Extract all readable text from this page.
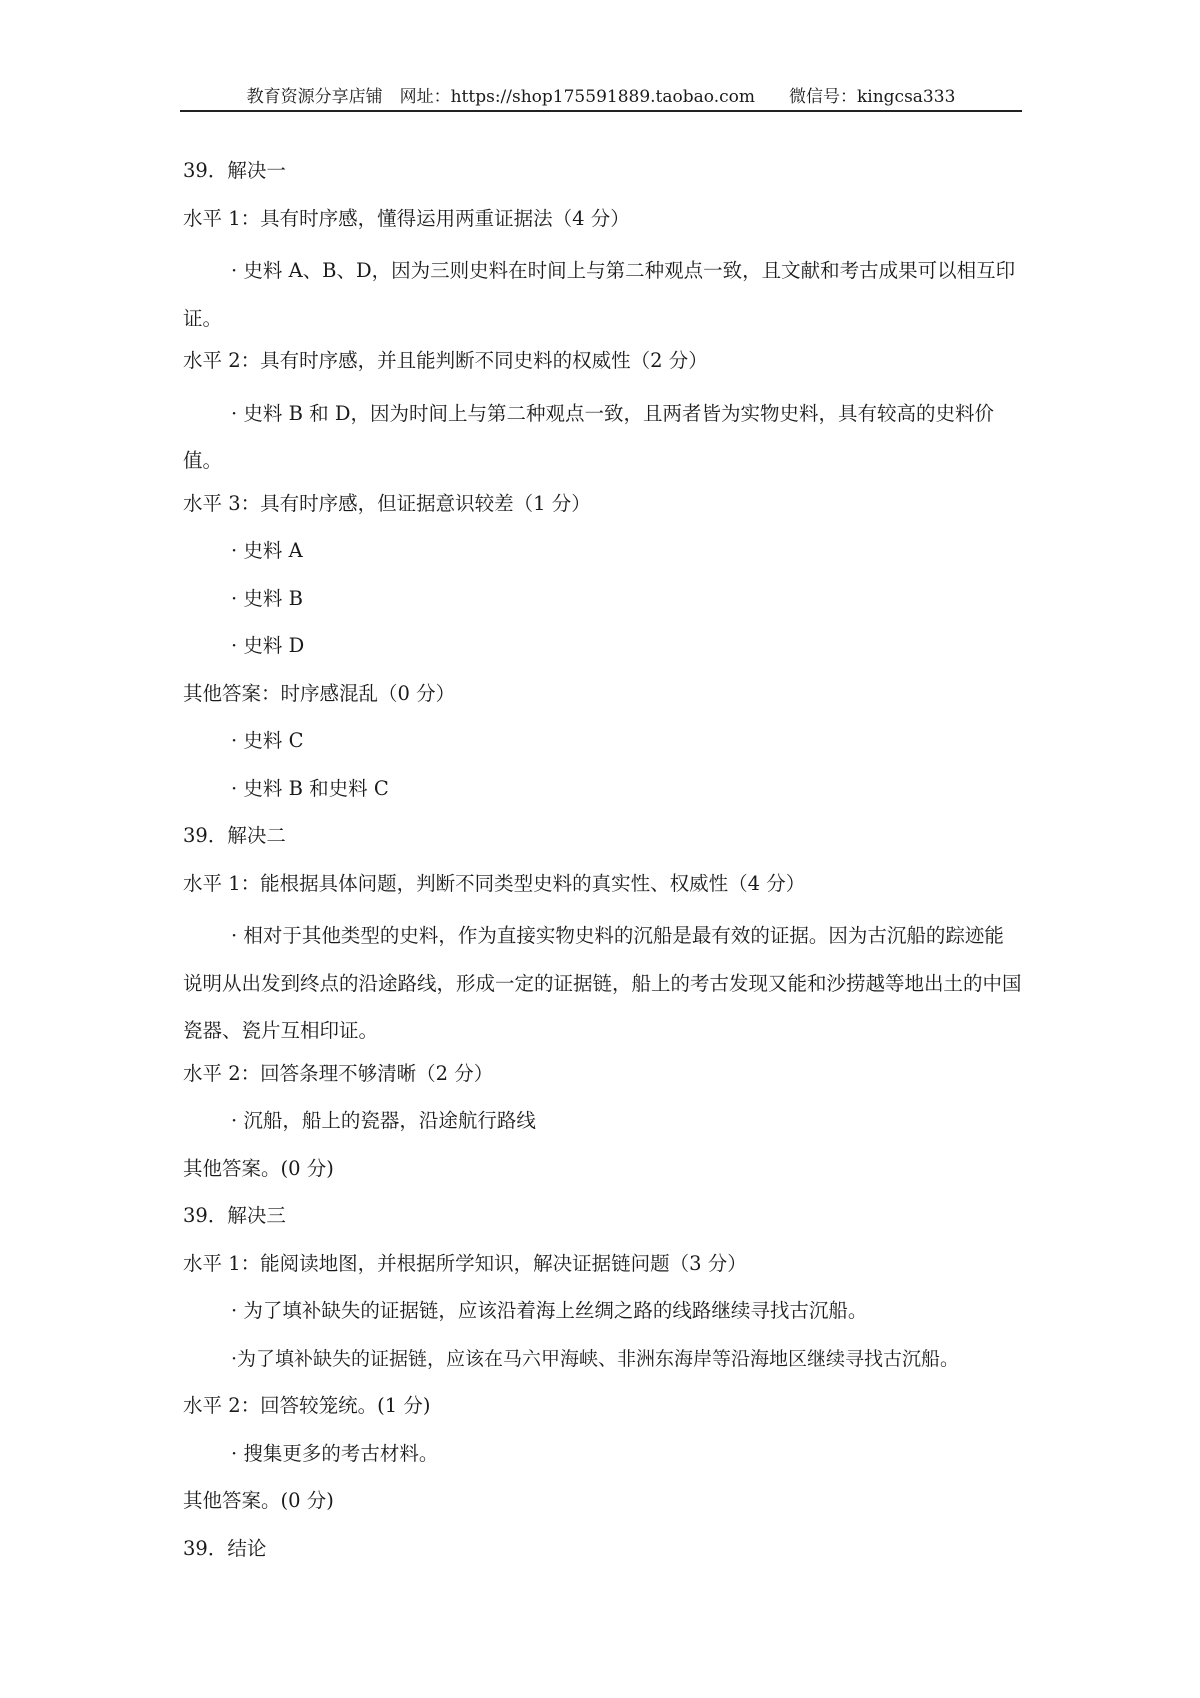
教育资源分享店铺　网址：https://shop175591889.taobao.com　　微信号：kingcsa333
39．解决一
水平 1：具有时序感，懂得运用两重证据法（4 分）

· 史料 A、B、D，因为三则史料在时间上与第二种观点一致，且文献和考古成果可以相互印证。

水平 2：具有时序感，并且能判断不同史料的权威性（2 分）

· 史料 B 和 D，因为时间上与第二种观点一致，且两者皆为实物史料，具有较高的史料价值。

水平 3：具有时序感，但证据意识较差（1 分）
· 史料 A
· 史料 B
· 史料 D
其他答案：时序感混乱（0 分）
· 史料 C
· 史料 B 和史料 C
39．解决二
水平 1：能根据具体问题，判断不同类型史料的真实性、权威性（4 分）

· 相对于其他类型的史料，作为直接实物史料的沉船是最有效的证据。因为古沉船的踪迹能说明从出发到终点的沿途路线，形成一定的证据链，船上的考古发现又能和沙捞越等地出土的中国瓷器、瓷片互相印证。

水平 2：回答条理不够清晰（2 分）
· 沉船，船上的瓷器，沿途航行路线
其他答案。(0 分)
39．解决三
水平 1：能阅读地图，并根据所学知识，解决证据链问题（3 分）
· 为了填补缺失的证据链，应该沿着海上丝绸之路的线路继续寻找古沉船。
·为了填补缺失的证据链，应该在马六甲海峡、非洲东海岸等沿海地区继续寻找古沉船。
水平 2：回答较笼统。(1 分)
· 搜集更多的考古材料。
其他答案。(0 分)
39．结论
